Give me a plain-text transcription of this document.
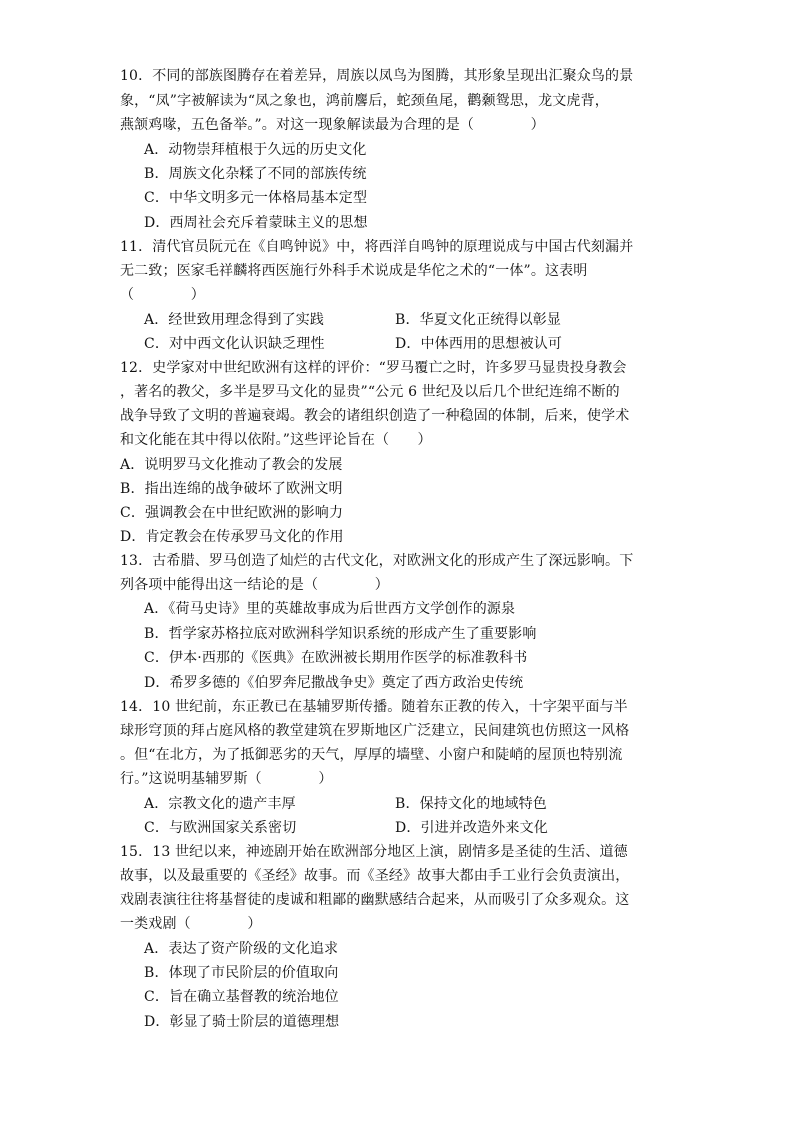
10．不同的部族图腾存在着差异，周族以凤鸟为图腾，其形象呈现出汇聚众鸟的景
象，“凤”字被解读为“凤之象也，鸿前麐后，蛇颈鱼尾，鹳颡鸳思，龙文虎背，
燕颔鸡喙，五色备举。”。对这一现象解读最为合理的是（　　　　）
A．动物崇拜植根于久远的历史文化
B．周族文化杂糅了不同的部族传统
C．中华文明多元一体格局基本定型
D．西周社会充斥着蒙昧主义的思想
11．清代官员阮元在《自鸣钟说》中，将西洋自鸣钟的原理说成与中国古代刻漏并
无二致；医家毛祥麟将西医施行外科手术说成是华佗之术的“一体”。这表明
（　　　　）
A．经世致用理念得到了实践	B．华夏文化正统得以彰显
C．对中西文化认识缺乏理性	D．中体西用的思想被认可
12．史学家对中世纪欧洲有这样的评价：“罗马覆亡之时，许多罗马显贵投身教会
，著名的教父，多半是罗马文化的显贵”“公元 6 世纪及以后几个世纪连绵不断的
战争导致了文明的普遍衰竭。教会的诸组织创造了一种稳固的体制，后来，使学术
和文化能在其中得以依附。”这些评论旨在（　　）
A．说明罗马文化推动了教会的发展
B．指出连绵的战争破坏了欧洲文明
C．强调教会在中世纪欧洲的影响力
D．肯定教会在传承罗马文化的作用
13．古希腊、罗马创造了灿烂的古代文化，对欧洲文化的形成产生了深远影响。下
列各项中能得出这一结论的是（　　　　）
A．《荷马史诗》里的英雄故事成为后世西方文学创作的源泉
B．哲学家苏格拉底对欧洲科学知识系统的形成产生了重要影响
C．伊本·西那的《医典》在欧洲被长期用作医学的标准教科书
D．希罗多德的《伯罗奔尼撒战争史》奠定了西方政治史传统
14．10 世纪前，东正教已在基辅罗斯传播。随着东正教的传入，十字架平面与半
球形穹顶的拜占庭风格的教堂建筑在罗斯地区广泛建立，民间建筑也仿照这一风格
。但“在北方，为了抵御恶劣的天气，厚厚的墙壁、小窗户和陡峭的屋顶也特别流
行。”这说明基辅罗斯（　　　　）
A．宗教文化的遗产丰厚	B．保持文化的地域特色
C．与欧洲国家关系密切	D．引进并改造外来文化
15．13 世纪以来，神迹剧开始在欧洲部分地区上演，剧情多是圣徒的生活、道德
故事，以及最重要的《圣经》故事。而《圣经》故事大都由手工业行会负责演出，
戏剧表演往往将基督徒的虔诚和粗鄙的幽默感结合起来，从而吸引了众多观众。这
一类戏剧（　　　　）
A．表达了资产阶级的文化追求
B．体现了市民阶层的价值取向
C．旨在确立基督教的统治地位
D．彰显了骑士阶层的道德理想
